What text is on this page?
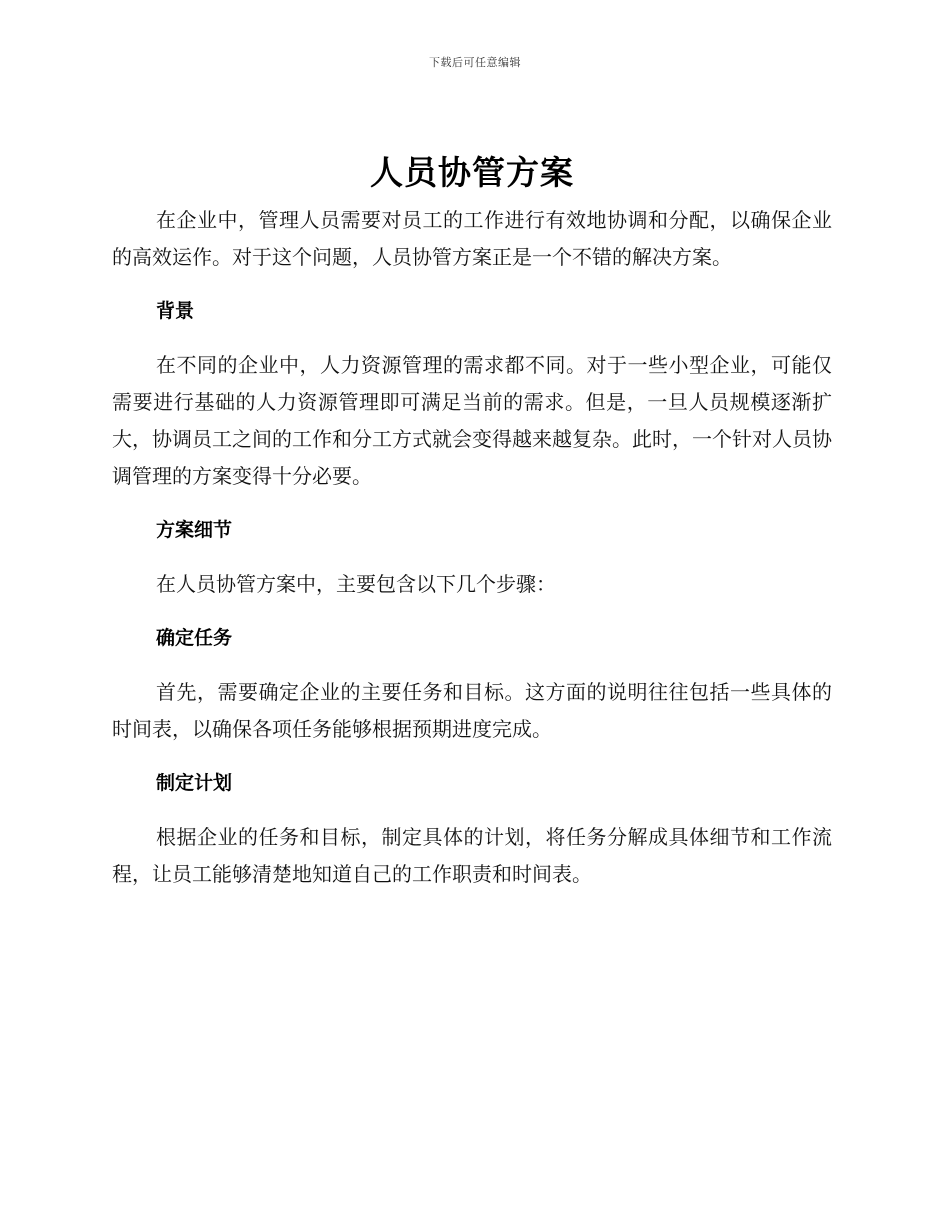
下载后可任意编辑
人员协管方案

在企业中，管理人员需要对员工的工作进行有效地协调和分配，以确保企业的高效运作。对于这个问题，人员协管方案正是一个不错的解决方案。

背景

在不同的企业中，人力资源管理的需求都不同。对于一些小型企业，可能仅需要进行基础的人力资源管理即可满足当前的需求。但是，一旦人员规模逐渐扩大，协调员工之间的工作和分工方式就会变得越来越复杂。此时，一个针对人员协调管理的方案变得十分必要。

方案细节

在人员协管方案中，主要包含以下几个步骤：

确定任务

首先，需要确定企业的主要任务和目标。这方面的说明往往包括一些具体的时间表，以确保各项任务能够根据预期进度完成。

制定计划

根据企业的任务和目标，制定具体的计划，将任务分解成具体细节和工作流程，让员工能够清楚地知道自己的工作职责和时间表。
